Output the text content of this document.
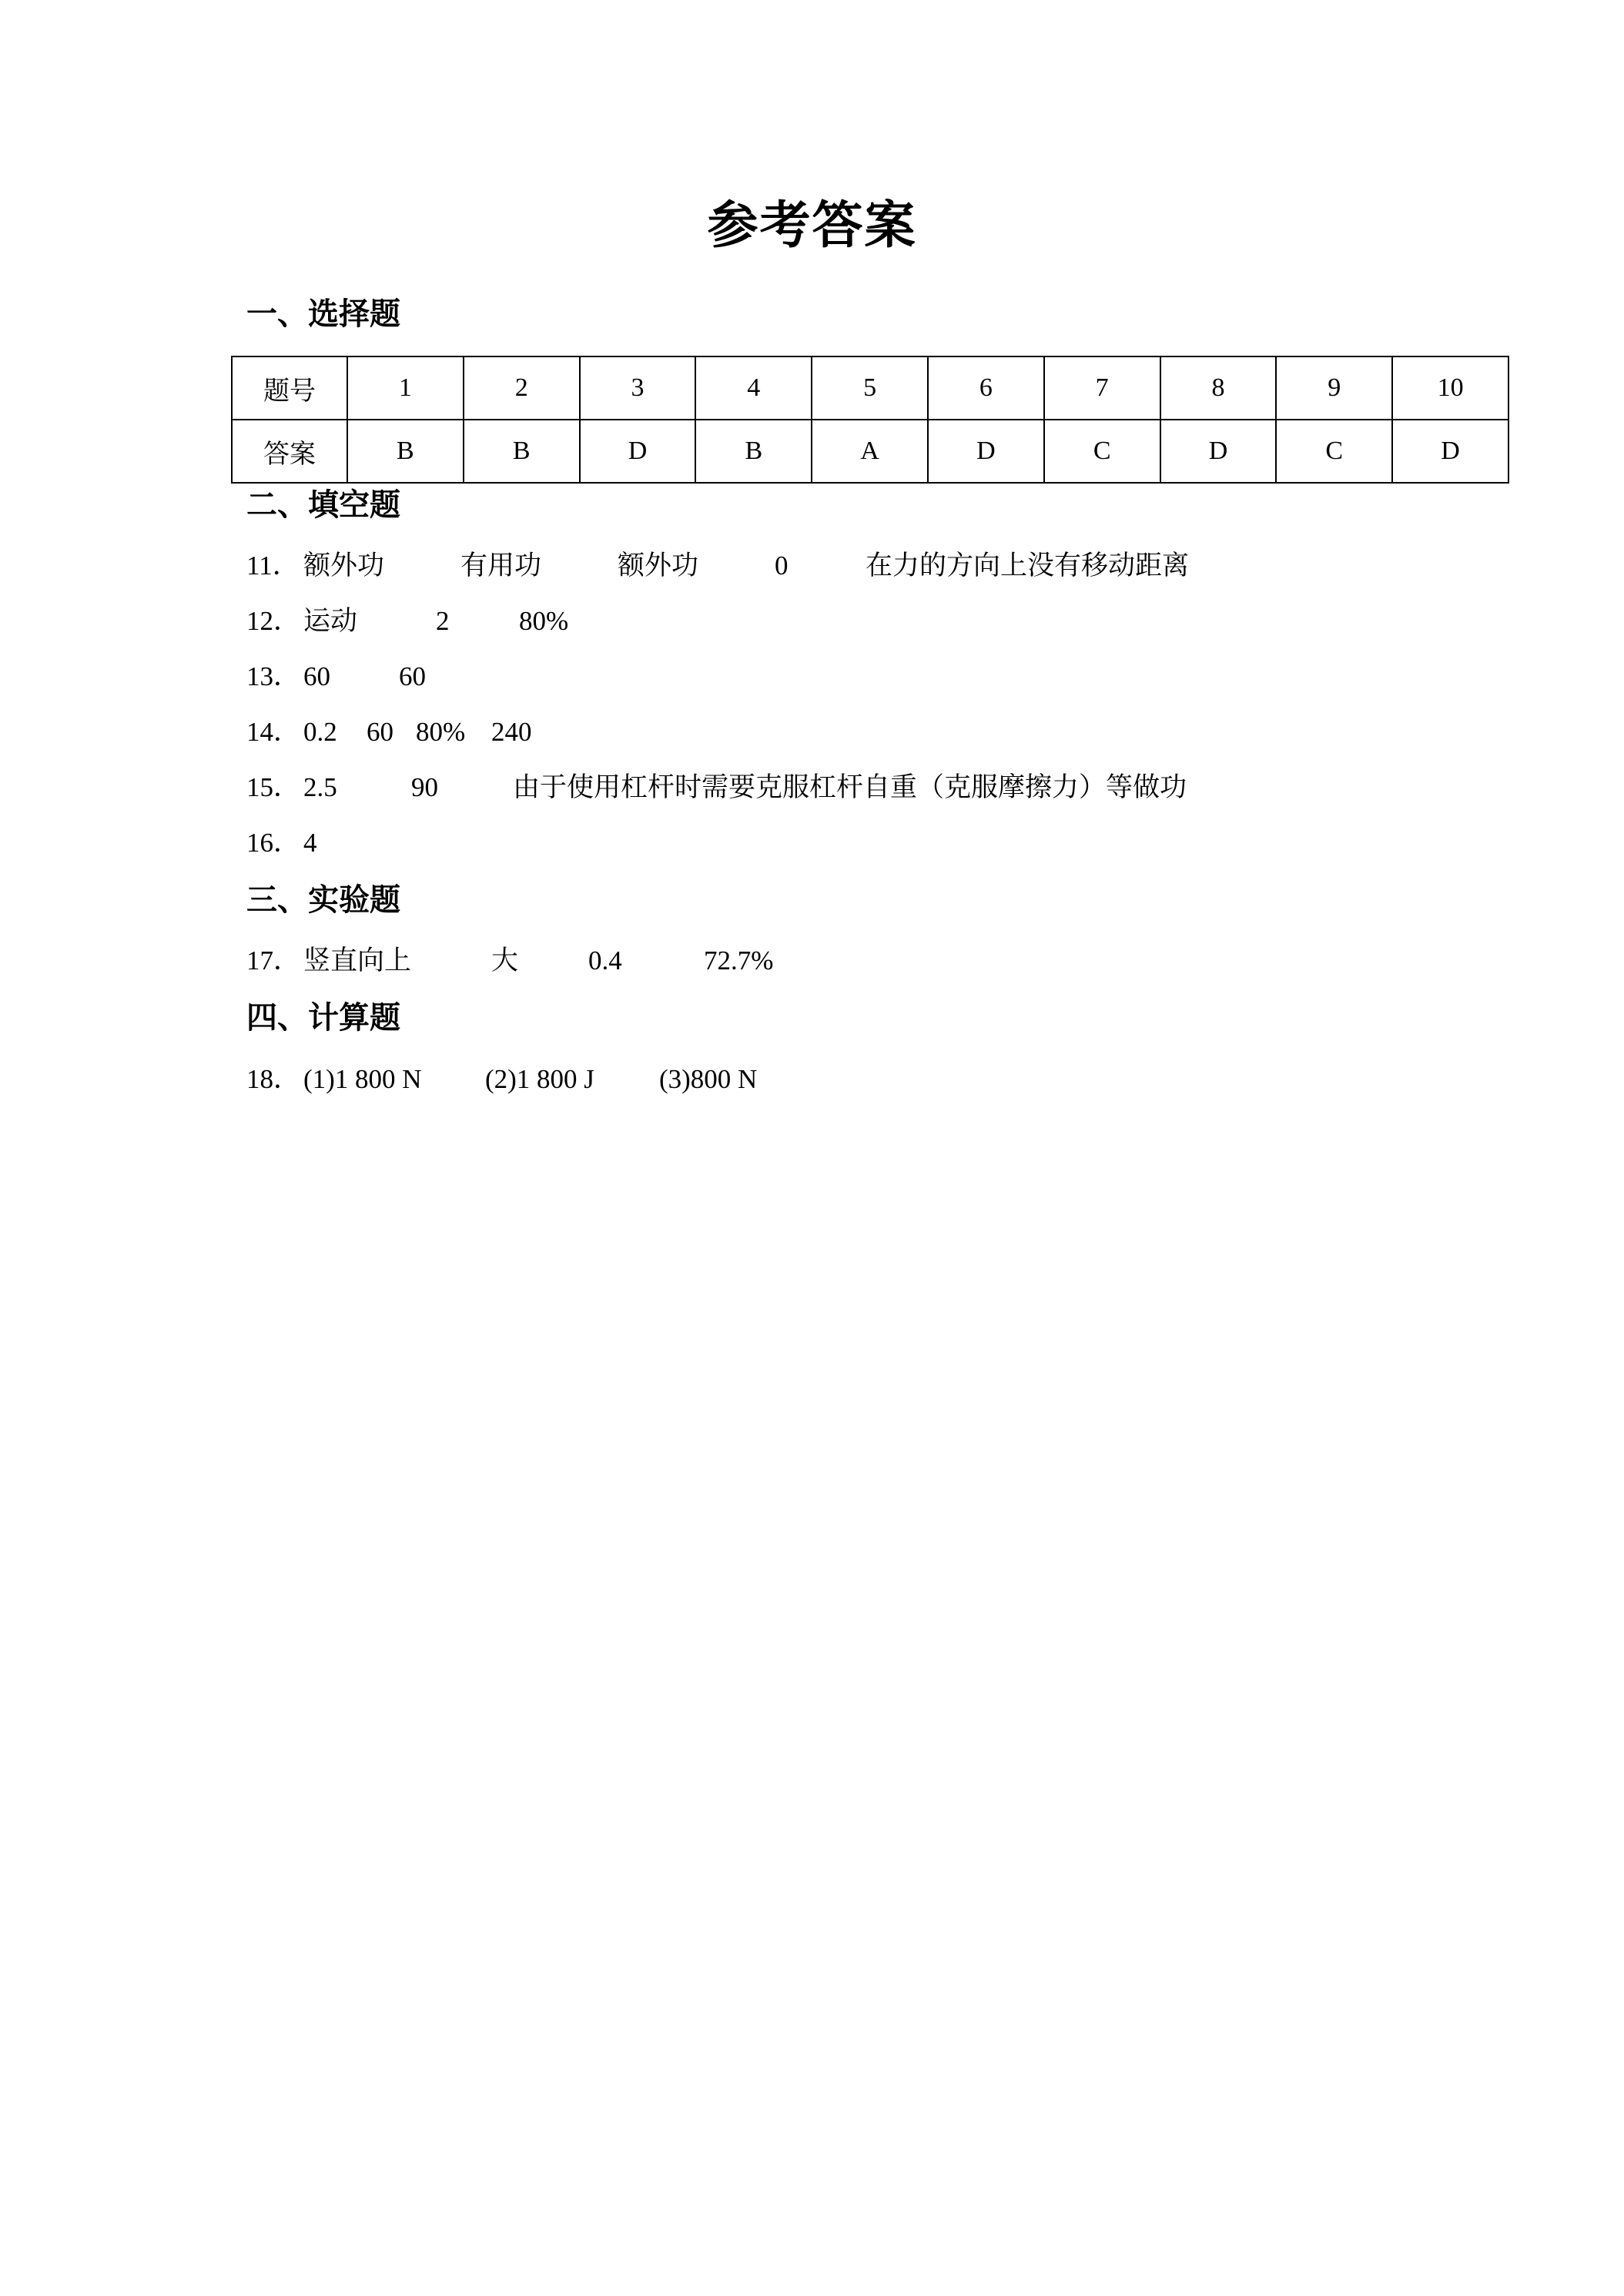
参考答案
一、选择题
题号	1	2	3	4	5	6	7	8	9	10
答案	B	B	D	B	A	D	C	D	C	D
二、填空题
11． 额外功	有用功	额外功	0	在力的方向上没有移动距离
12． 运动	2	80%
13． 60	60
14． 0.2 60 80% 240
15． 2.5	90	由于使用杠杆时需要克服杠杆自重（克服摩擦力）等做功
16． 4
三、实验题
17． 竖直向上	大	0.4	72.7%
四、计算题
18． (1)1 800 N (2)1 800 J (3)800 N
